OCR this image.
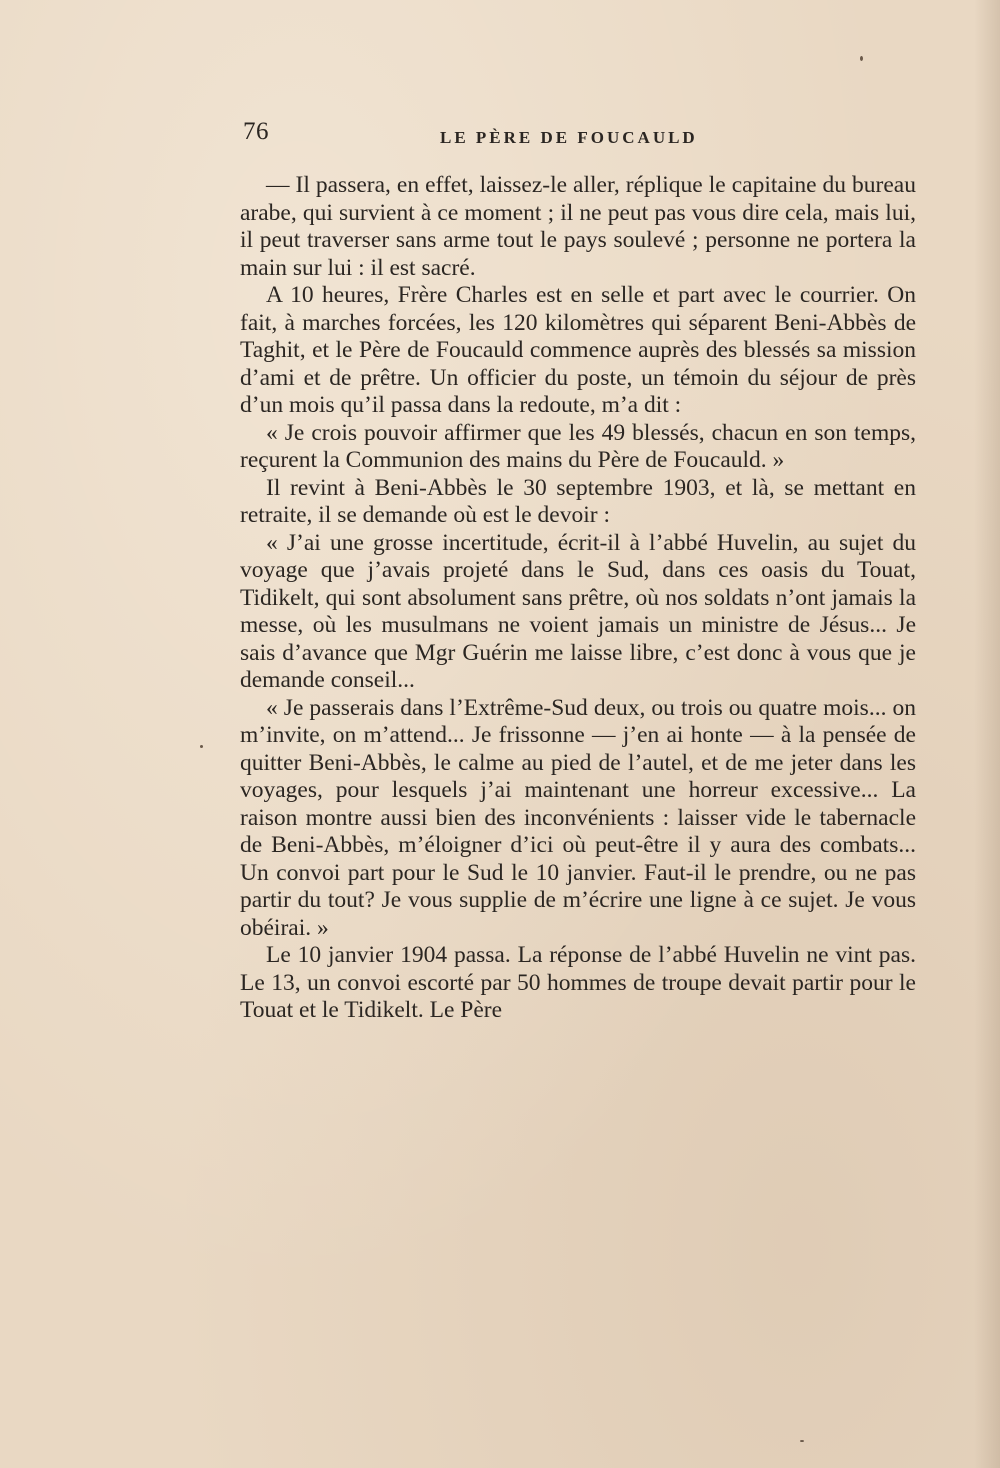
76	LE PÈRE DE FOUCAULD

— Il passera, en effet, laissez-le aller, réplique le capitaine du bureau arabe, qui survient à ce moment ; il ne peut pas vous dire cela, mais lui, il peut traverser sans arme tout le pays soulevé ; personne ne portera la main sur lui : il est sacré.

A 10 heures, Frère Charles est en selle et part avec le courrier. On fait, à marches forcées, les 120 kilomètres qui séparent Beni-Abbès de Taghit, et le Père de Foucauld commence auprès des blessés sa mission d’ami et de prêtre. Un officier du poste, un témoin du séjour de près d’un mois qu’il passa dans la redoute, m’a dit :

« Je crois pouvoir affirmer que les 49 blessés, chacun en son temps, reçurent la Communion des mains du Père de Foucauld. »

Il revint à Beni-Abbès le 30 septembre 1903, et là, se mettant en retraite, il se demande où est le devoir :

« J’ai une grosse incertitude, écrit-il à l’abbé Huvelin, au sujet du voyage que j’avais projeté dans le Sud, dans ces oasis du Touat, Tidikelt, qui sont absolument sans prêtre, où nos soldats n’ont jamais la messe, où les musulmans ne voient jamais un ministre de Jésus... Je sais d’avance que Mgr Guérin me laisse libre, c’est donc à vous que je demande conseil...

« Je passerais dans l’Extrême-Sud deux, ou trois ou quatre mois... on m’invite, on m’attend... Je frissonne — j’en ai honte — à la pensée de quitter Beni-Abbès, le calme au pied de l’autel, et de me jeter dans les voyages, pour lesquels j’ai maintenant une horreur excessive... La raison montre aussi bien des inconvénients : laisser vide le tabernacle de Beni-Abbès, m’éloigner d’ici où peut-être il y aura des combats... Un convoi part pour le Sud le 10 janvier. Faut-il le prendre, ou ne pas partir du tout? Je vous supplie de m’écrire une ligne à ce sujet. Je vous obéirai. »

Le 10 janvier 1904 passa. La réponse de l’abbé Huvelin ne vint pas. Le 13, un convoi escorté par 50 hommes de troupe devait partir pour le Touat et le Tidikelt. Le Père
